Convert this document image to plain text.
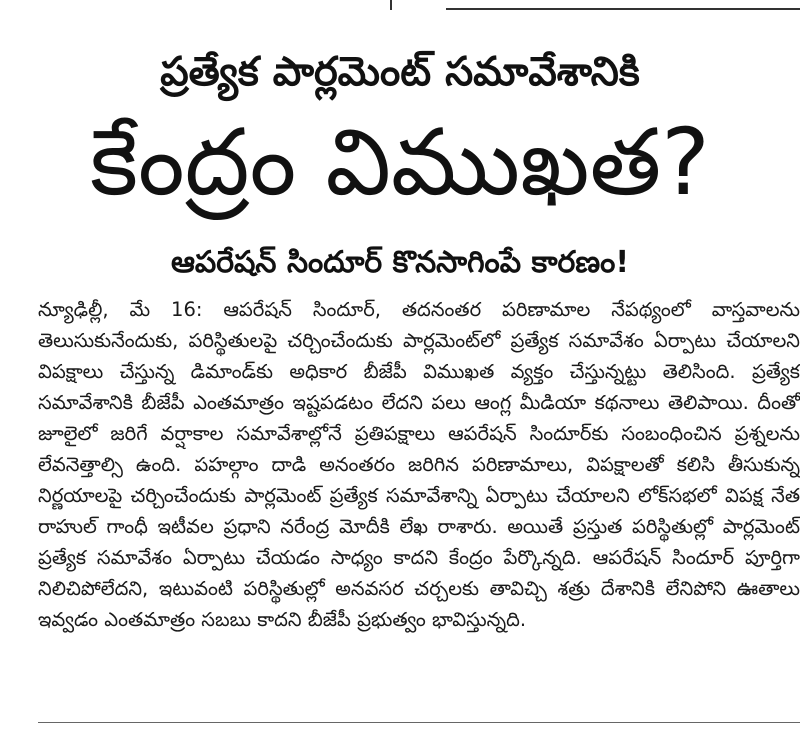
ప్రత్యేక పార్లమెంట్ సమావేశానికి
కేంద్రం విముఖత?
ఆపరేషన్ సిందూర్ కొనసాగింపే కారణం!
న్యూఢిల్లీ, మే 16: ఆపరేషన్ సిందూర్, తదనంతర పరిణామాల నేపథ్యంలో వాస్తవాలను తెలుసుకునేందుకు, పరిస్థితులపై చర్చించేందుకు పార్లమెంట్‌లో ప్రత్యేక సమావేశం ఏర్పాటు చేయాలని విపక్షాలు చేస్తున్న డిమాండ్‌కు అధికార బీజేపీ విముఖత వ్యక్తం చేస్తున్నట్టు తెలిసింది. ప్రత్యేక సమావేశానికి బీజేపీ ఎంతమాత్రం ఇష్టపడటం లేదని పలు ఆంగ్ల మీడియా కథనాలు తెలిపాయి. దీంతో జూలైలో జరిగే వర్షాకాల సమావేశాల్లోనే ప్రతిపక్షాలు ఆపరేషన్ సిందూర్‌కు సంబంధించిన ప్రశ్నలను లేవనెత్తాల్సి ఉంది. పహల్గాం దాడి అనంతరం జరిగిన పరిణామాలు, విపక్షాలతో కలిసి తీసుకున్న నిర్ణయాలపై చర్చించేందుకు పార్లమెంట్ ప్రత్యేక సమావేశాన్ని ఏర్పాటు చేయాలని లోక్‌సభలో విపక్ష నేత రాహుల్ గాంధీ ఇటీవల ప్రధాని నరేంద్ర మోదీకి లేఖ రాశారు. అయితే ప్రస్తుత పరిస్థితుల్లో పార్లమెంట్ ప్రత్యేక సమావేశం ఏర్పాటు చేయడం సాధ్యం కాదని కేంద్రం పేర్కొన్నది. ఆపరేషన్ సిందూర్ పూర్తిగా నిలిచిపోలేదని, ఇటువంటి పరిస్థితుల్లో అనవసర చర్చలకు తావిచ్చి శత్రు దేశానికి లేనిపోని ఊతాలు ఇవ్వడం ఎంతమాత్రం సబబు కాదని బీజేపీ ప్రభుత్వం భావిస్తున్నది.
